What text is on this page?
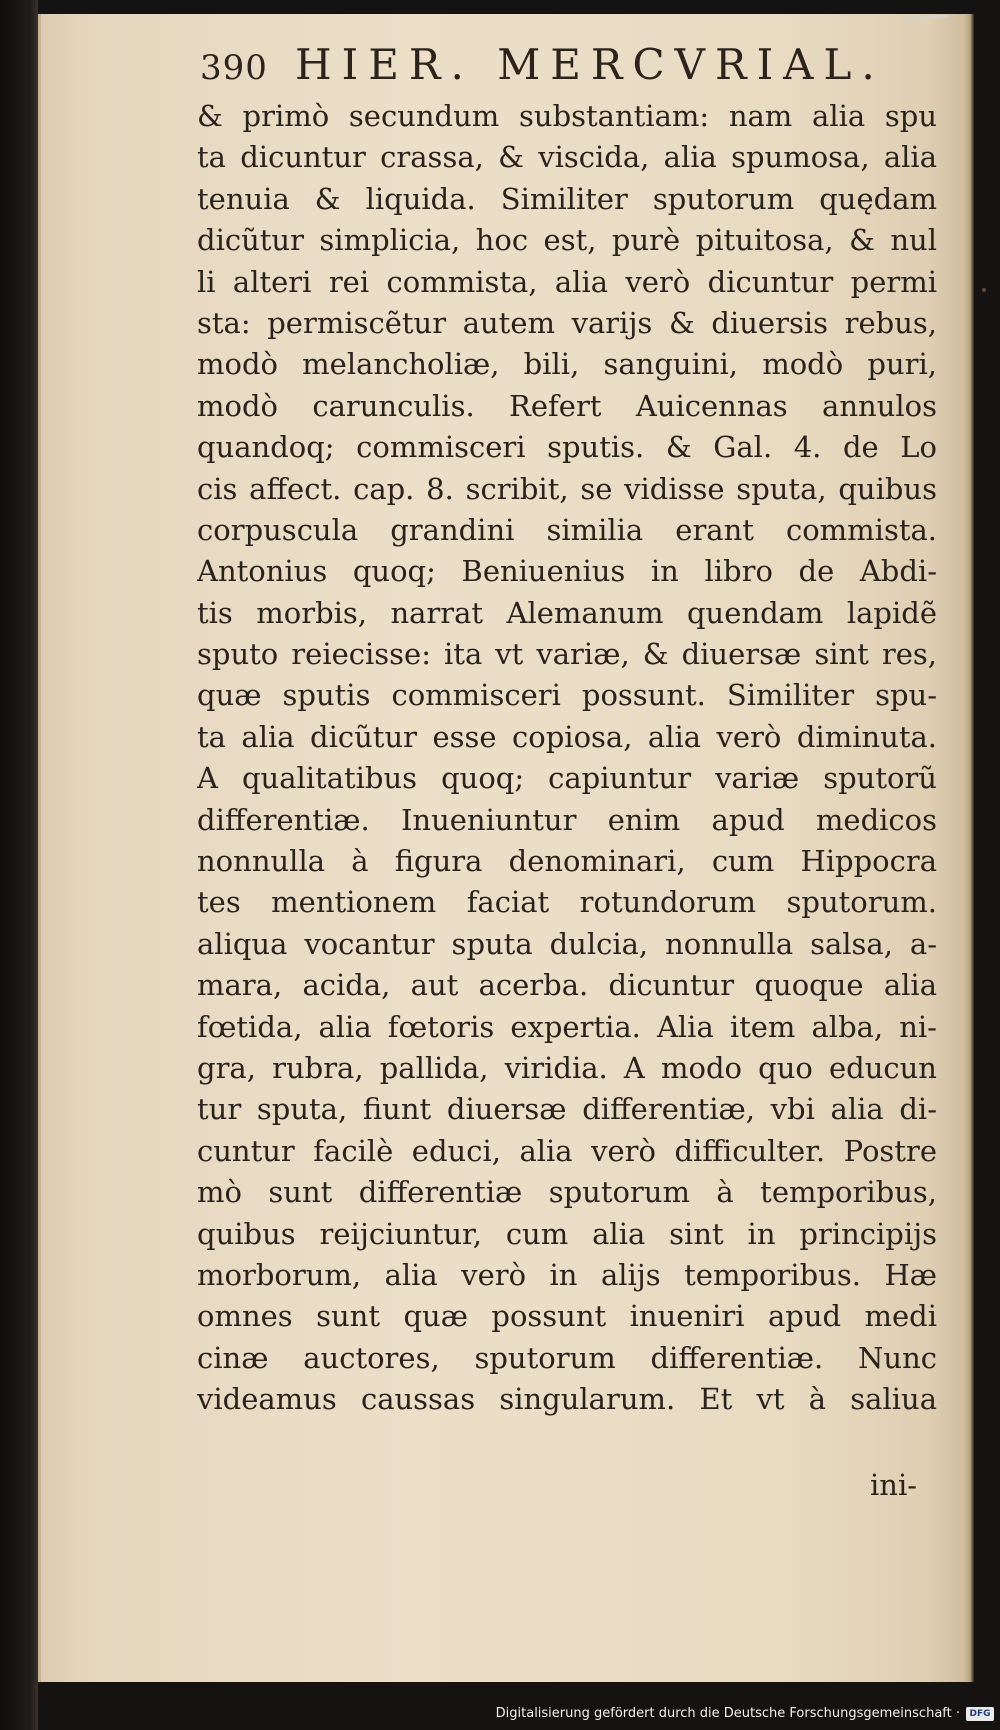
390 HIER. MERCVRIAL.
& primò secundum substantiam: nam alia spu
ta dicuntur crassa, & viscida, alia spumosa, alia
tenuia & liquida. Similiter sputorum quędam
dicũtur simplicia, hoc est, purè pituitosa, & nul
li alteri rei commista, alia verò dicuntur permi
sta: permiscẽtur autem varijs & diuersis rebus,
modò melancholiæ, bili, sanguini, modò puri,
modò carunculis. Refert Auicennas annulos
quandoq; commisceri sputis. & Gal. 4. de Lo
cis affect. cap. 8. scribit, se vidisse sputa, quibus
corpuscula grandini similia erant commista.
Antonius quoq; Beniuenius in libro de Abdi-
tis morbis, narrat Alemanum quendam lapidẽ
sputo reiecisse: ita vt variæ, & diuersæ sint res,
quæ sputis commisceri possunt. Similiter spu-
ta alia dicũtur esse copiosa, alia verò diminuta.
A qualitatibus quoq; capiuntur variæ sputorũ
differentiæ. Inueniuntur enim apud medicos
nonnulla à figura denominari, cum Hippocra
tes mentionem faciat rotundorum sputorum.
aliqua vocantur sputa dulcia, nonnulla salsa, a-
mara, acida, aut acerba. dicuntur quoque alia
fœtida, alia fœtoris expertia. Alia item alba, ni-
gra, rubra, pallida, viridia. A modo quo educun
tur sputa, fiunt diuersæ differentiæ, vbi alia di-
cuntur facilè educi, alia verò difficulter. Postre
mò sunt differentiæ sputorum à temporibus,
quibus reijciuntur, cum alia sint in principijs
morborum, alia verò in alijs temporibus. Hæ
omnes sunt quæ possunt inueniri apud medi
cinæ auctores, sputorum differentiæ. Nunc
videamus caussas singularum. Et vt à saliua
ini-
Digitalisierung gefördert durch die Deutsche Forschungsgemeinschaft ·	DFG
